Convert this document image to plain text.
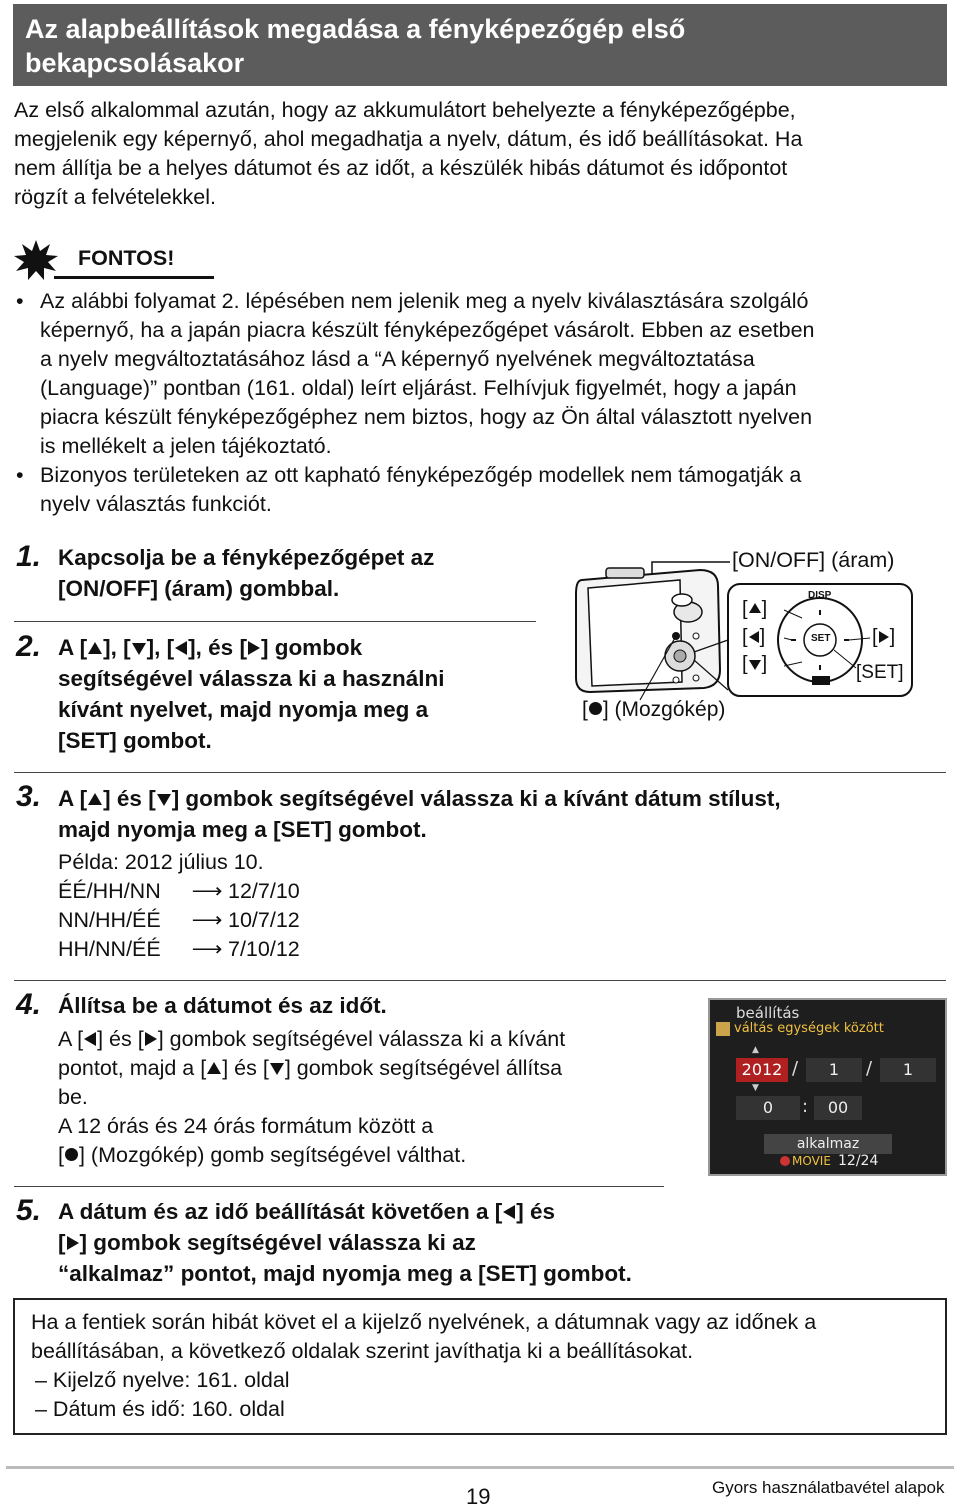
Az alapbeállítások megadása a fényképezőgép első
bekapcsolásakor
Az első alkalommal azután, hogy az akkumulátort behelyezte a fényképezőgépbe,
megjelenik egy képernyő, ahol megadhatja a nyelv, dátum, és idő beállításokat. Ha
nem állítja be a helyes dátumot és az időt, a készülék hibás dátumot és időpontot
rögzít a felvételekkel.
FONTOS!
• Az alábbi folyamat 2. lépésében nem jelenik meg a nyelv kiválasztására szolgáló
képernyő, ha a japán piacra készült fényképezőgépet vásárolt. Ebben az esetben
a nyelv megváltoztatásához lásd a “A képernyő nyelvének megváltoztatása
(Language)” pontban (161. oldal) leírt eljárást. Felhívjuk figyelmét, hogy a japán
piacra készült fényképezőgéphez nem biztos, hogy az Ön által választott nyelven
is mellékelt a jelen tájékoztató.
• Bizonyos területeken az ott kapható fényképezőgép modellek nem támogatják a
nyelv választás funkciót.
1. Kapcsolja be a fényképezőgépet az
[ON/OFF] (áram) gombbal.
2. A [ ], [ ], [ ], és [ ] gombok
segítségével válassza ki a használni
kívánt nyelvet, majd nyomja meg a
[SET] gombot.
[ON/OFF] (áram)
DISP
SET
[ ]
[ ]
[ ]
[ ]
[SET]
[ ] (Mozgókép)
3. A [ ] és [ ] gombok segítségével válassza ki a kívánt dátum stílust,
majd nyomja meg a [SET] gombot.
Példa: 2012 július 10.
ÉÉ/HH/NN ⟶ 12/7/10
NN/HH/ÉÉ ⟶ 10/7/12
HH/NN/ÉÉ ⟶ 7/10/12
4. Állítsa be a dátumot és az időt.
A [ ] és [ ] gombok segítségével válassza ki a kívánt
pontot, majd a [ ] és [ ] gombok segítségével állítsa
be.
A 12 órás és 24 órás formátum között a
[ ] (Mozgókép) gomb segítségével válthat.
beállítás
váltás egységek között
▲
2012
▼
/	1	/	1
0	:	00
alkalmaz
MOVIE 12/24
5. A dátum és az idő beállítását követően a [ ] és
[ ] gombok segítségével válassza ki az
“alkalmaz” pontot, majd nyomja meg a [SET] gombot.
Ha a fentiek során hibát követ el a kijelző nyelvének, a dátumnak vagy az időnek a
beállításában, a következő oldalak szerint javíthatja ki a beállításokat.
– Kijelző nyelve: 161. oldal
– Dátum és idő: 160. oldal
19	Gyors használatbavétel alapok
